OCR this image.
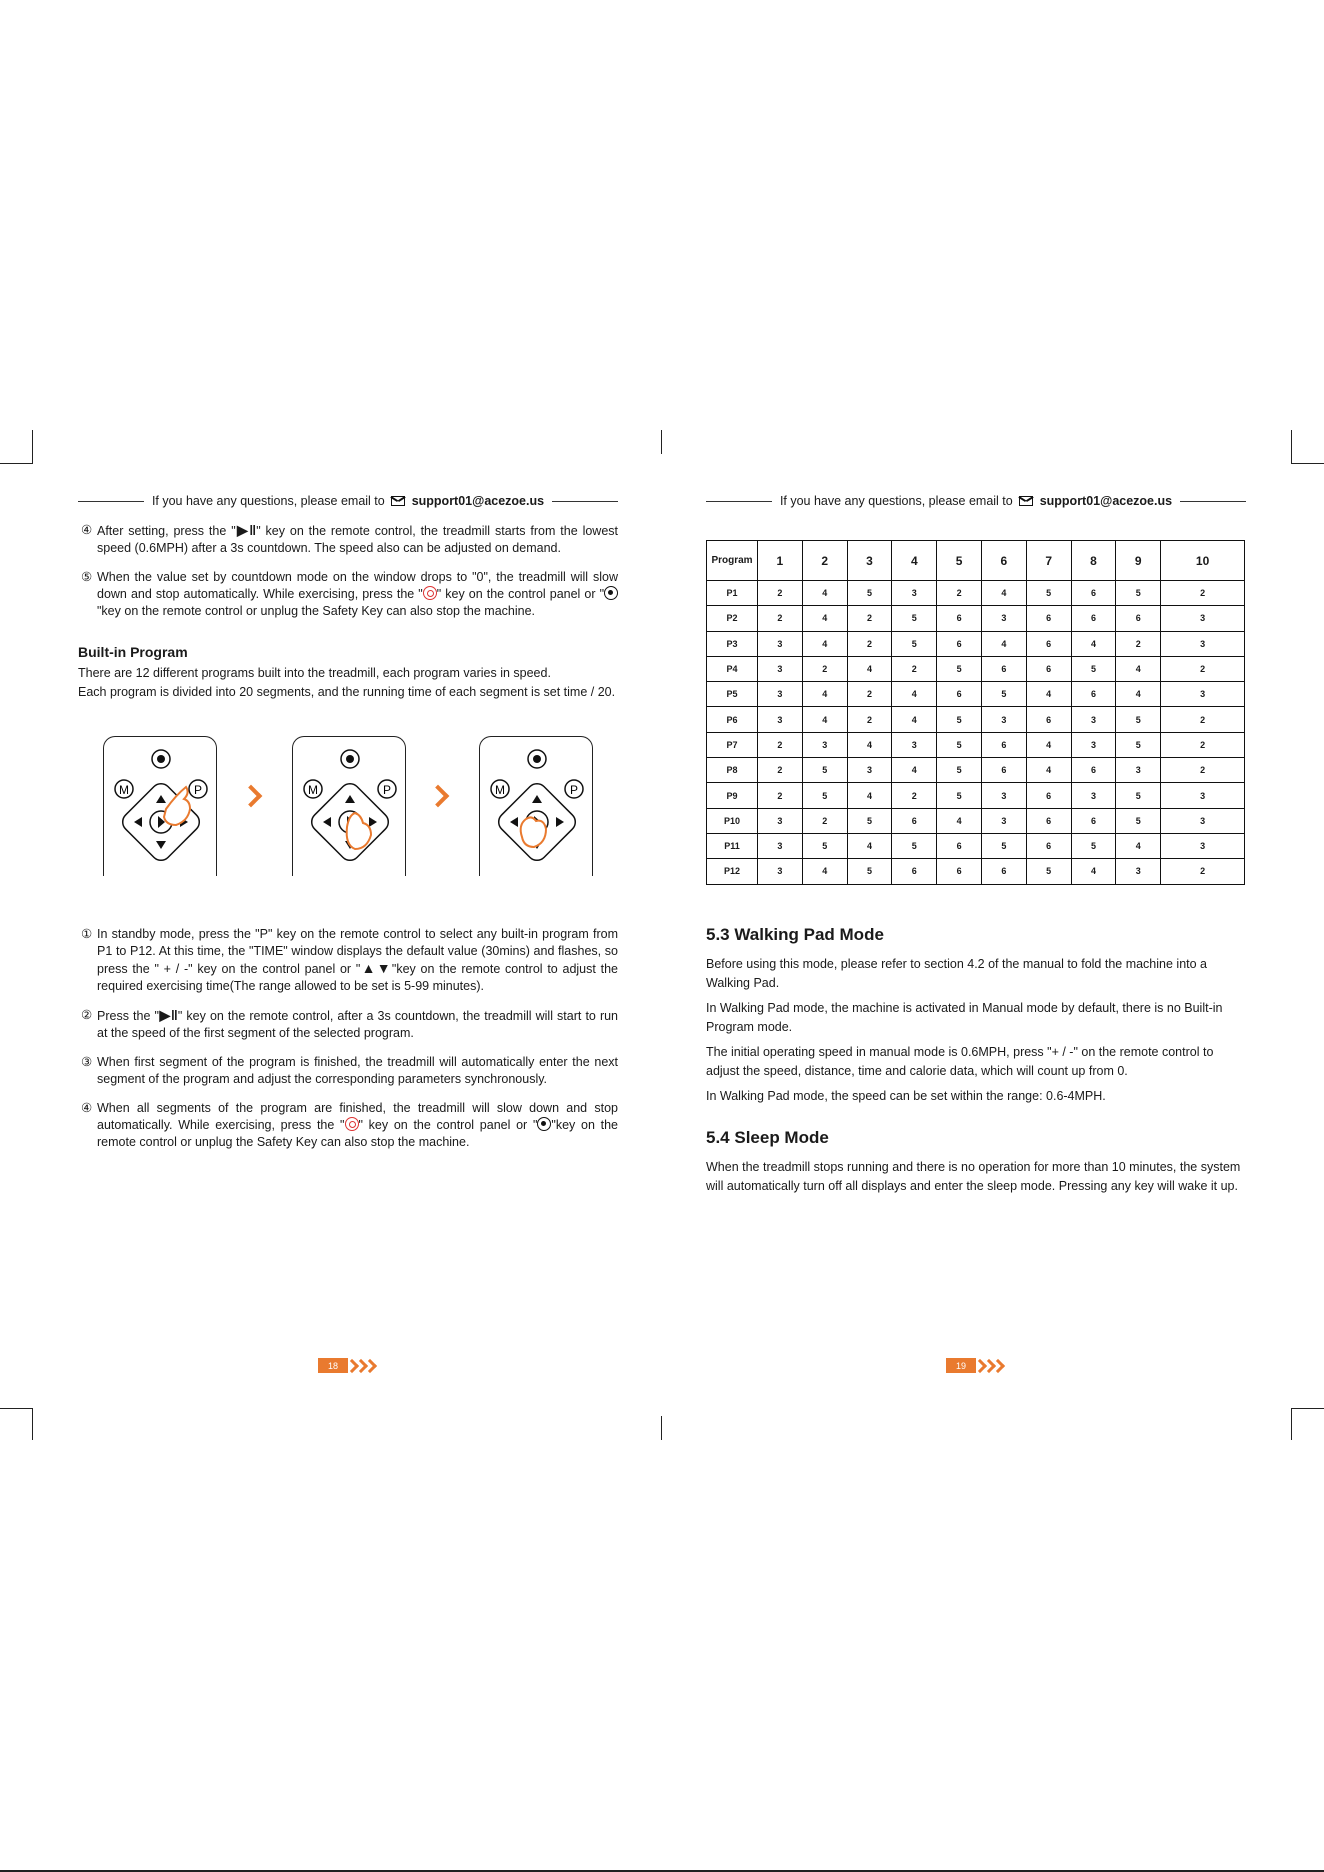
If you have any questions, please email to support01@acezoe.us
④ After setting, press the "▶‖" key on the remote control, the treadmill starts from the lowest speed (0.6MPH) after a 3s countdown. The speed also can be adjusted on demand.

⑤ When the value set by countdown mode on the window drops to "0", the treadmill will slow down and stop automatically. While exercising, press the " " key on the control panel or ""key on the remote control or unplug the Safety Key can also stop the machine.

Built-in Program
There are 12 different programs built into the treadmill, each program varies in speed.
Each program is divided into 20 segments, and the running time of each segment is set time / 20.
M	P	M	P	M	P
① In standby mode, press the "P" key on the remote control to select any built-in program from P1 to P12. At this time, the "TIME" window displays the default value (30mins) and flashes, so press the " + / -" key on the control panel or "▲▼"key on the remote control to adjust the required exercising time(The range allowed to be set is 5-99 minutes).

② Press the "▶‖" key on the remote control, after a 3s countdown, the treadmill will start to run at the speed of the first segment of the selected program.

③ When first segment of the program is finished, the treadmill will automatically enter the next segment of the program and adjust the corresponding parameters synchronously.

④ When all segments of the program are finished, the treadmill will slow down and stop automatically. While exercising, press the " " key on the control panel or " "key on the remote control or unplug the Safety Key can also stop the machine.

18
If you have any questions, please email to support01@acezoe.us
Program	1	2	3	4	5	6	7	8	9	10
P1	2	4	5	3	2	4	5	6	5	2
P2	2	4	2	5	6	3	6	6	6	3
P3	3	4	2	5	6	4	6	4	2	3
P4	3	2	4	2	5	6	6	5	4	2
P5	3	4	2	4	6	5	4	6	4	3
P6	3	4	2	4	5	3	6	3	5	2
P7	2	3	4	3	5	6	4	3	5	2
P8	2	5	3	4	5	6	4	6	3	2
P9	2	5	4	2	5	3	6	3	5	3
P10	3	2	5	6	4	3	6	6	5	3
P11	3	5	4	5	6	5	6	5	4	3
P12	3	4	5	6	6	6	5	4	3	2
5.3 Walking Pad Mode

Before using this mode, please refer to section 4.2 of the manual to fold the machine into a Walking Pad.

In Walking Pad mode, the machine is activated in Manual mode by default, there is no Built-in Program mode.

The initial operating speed in manual mode is 0.6MPH, press "+ / -" on the remote control to adjust the speed, distance, time and calorie data, which will count up from 0.

In Walking Pad mode, the speed can be set within the range: 0.6-4MPH.

5.4 Sleep Mode

When the treadmill stops running and there is no operation for more than 10 minutes, the system will automatically turn off all displays and enter the sleep mode. Pressing any key will wake it up.

19
